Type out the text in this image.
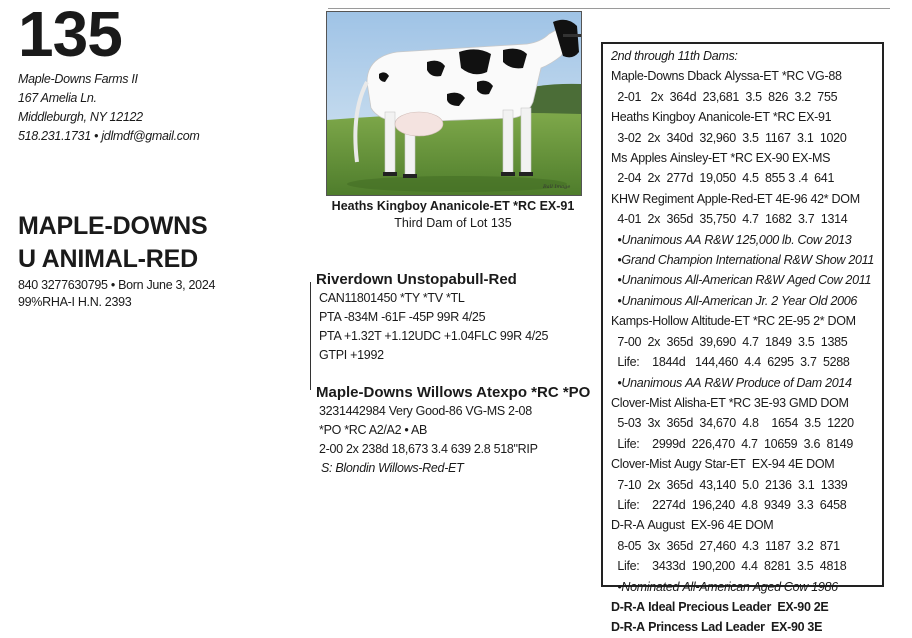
135
Maple-Downs Farms II
167 Amelia Ln.
Middleburgh, NY 12122
518.231.1731 • jdlmdf@gmail.com
MAPLE-DOWNS
U ANIMAL-RED
840 3277630795 • Born June 3, 2024
99%RHA-I H.N. 2393
Ball Image
Heaths Kingboy Ananicole-ET *RC EX-91
Third Dam of Lot 135
Riverdown Unstopabull-Red
CAN11801450 *TY *TV *TL
PTA -834M -61F -45P 99R 4/25
PTA +1.32T +1.12UDC +1.04FLC 99R 4/25
GTPI +1992
Maple-Downs Willows Atexpo *RC *PO
3231442984 Very Good-86 VG-MS 2-08
*PO *RC A2/A2 • AB
2-00 2x 238d 18,673 3.4 639 2.8 518"RIP
S: Blondin Willows-Red-ET
2nd through 11th Dams:
Maple-Downs Dback Alyssa-ET *RC VG-88
2-01   2x  364d  23,681  3.5  826  3.2  755
Heaths Kingboy Ananicole-ET *RC EX-91
3-02  2x  340d  32,960  3.5  1167  3.1  1020
Ms Apples Ainsley-ET *RC EX-90 EX-MS
2-04  2x  277d  19,050  4.5  855 3 .4  641
KHW Regiment Apple-Red-ET 4E-96 42* DOM
4-01  2x  365d  35,750  4.7  1682  3.7  1314
•Unanimous AA R&W 125,000 lb. Cow 2013
•Grand Champion International R&W Show 2011
•Unanimous All-American R&W Aged Cow 2011
•Unanimous All-American Jr. 2 Year Old 2006
Kamps-Hollow Altitude-ET *RC 2E-95 2* DOM
7-00  2x  365d  39,690  4.7  1849  3.5  1385
Life:    1844d   144,460  4.4  6295  3.7  5288
•Unanimous AA R&W Produce of Dam 2014
Clover-Mist Alisha-ET *RC 3E-93 GMD DOM
5-03  3x  365d  34,670  4.8    1654  3.5  1220
Life:    2999d  226,470  4.7  10659  3.6  8149
Clover-Mist Augy Star-ET  EX-94 4E DOM
7-10  2x  365d  43,140  5.0  2136  3.1  1339
Life:    2274d  196,240  4.8  9349  3.3  6458
D-R-A August  EX-96 4E DOM
8-05  3x  365d  27,460  4.3  1187  3.2  871
Life:    3433d  190,200  4.4  8281  3.5  4818
•Nominated All-American Aged Cow 1986
D-R-A Ideal Precious Leader  EX-90 2E
D-R-A Princess Lad Leader  EX-90 3E
